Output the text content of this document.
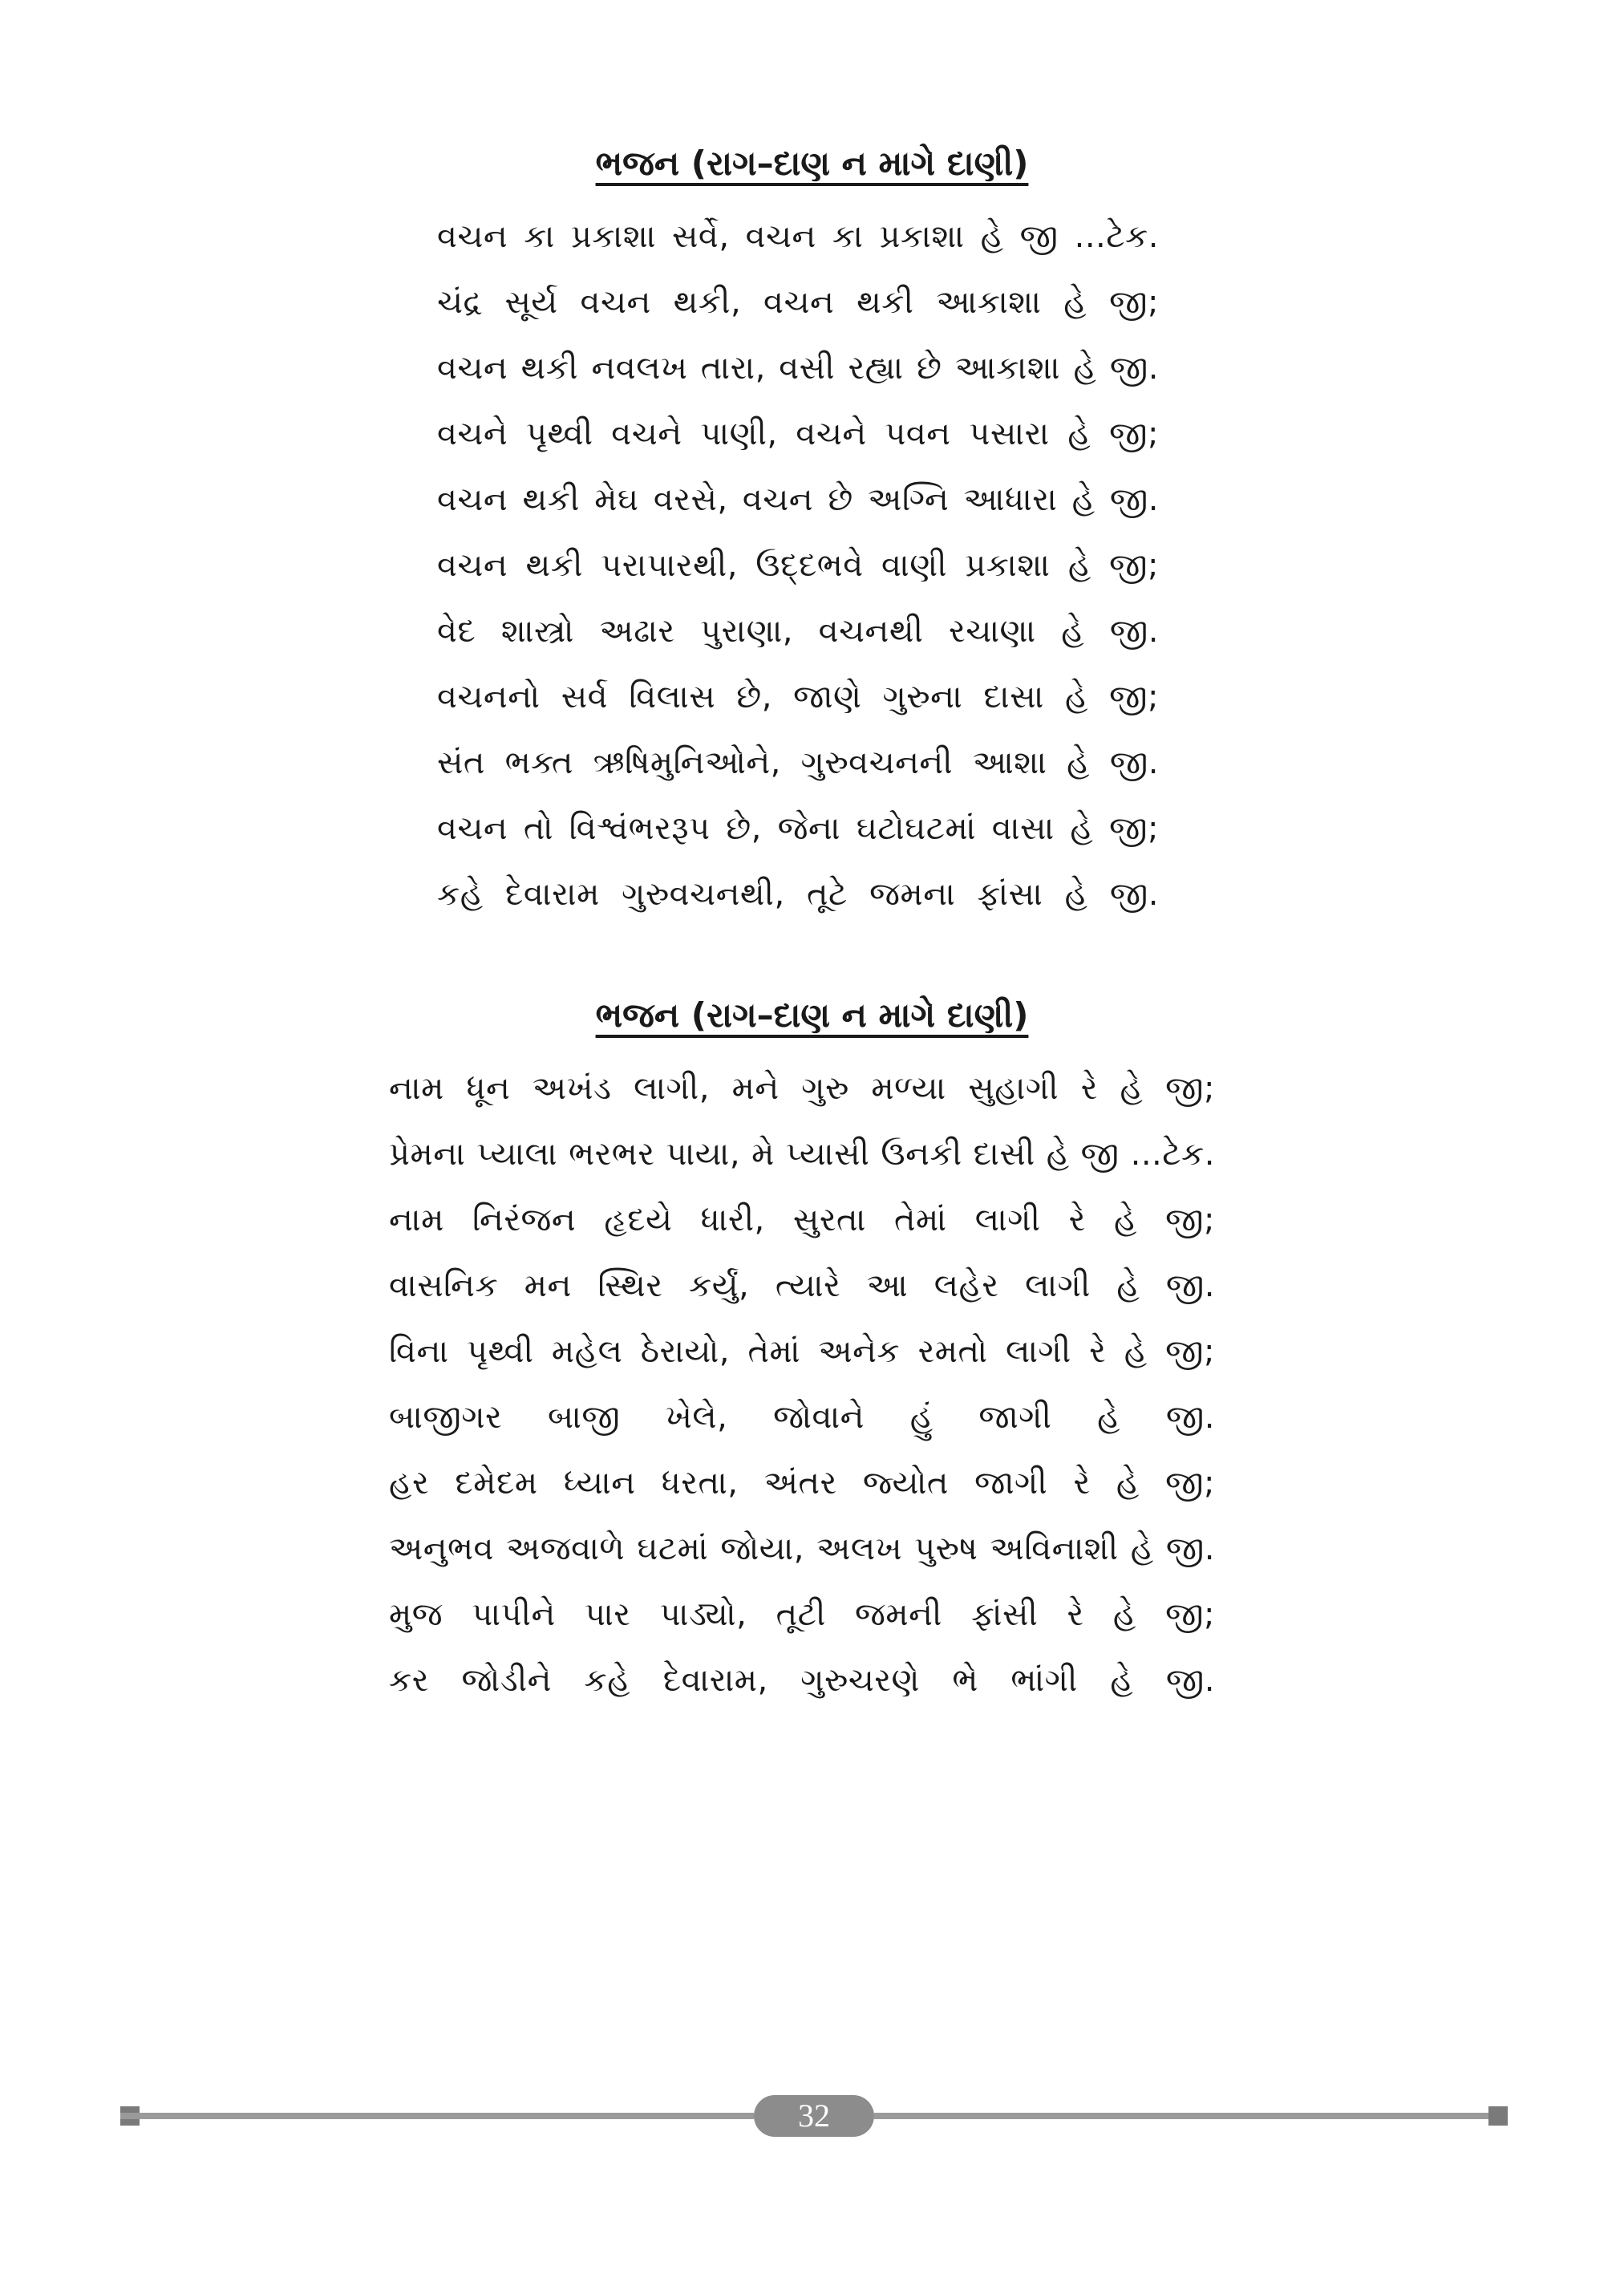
ભજન (રાગ–દાણ ન માગે દાણી)
વચન કા પ્રકાશા સર્વે, વચન કા પ્રકાશા હે જી ...ટેક.
ચંદ્ર સૂર્ય વચન થકી, વચન થકી આકાશા હે જી;
વચન થકી નવલખ તારા, વસી રહ્યા છે આકાશા હે જી.
વચને પૃથ્વી વચને પાણી, વચને પવન પસારા હે જી;
વચન થકી મેઘ વરસે, વચન છે અગ્નિ આધારા હે જી.
વચન થકી પરાપારથી, ઉદ્દભવે વાણી પ્રકાશા હે જી;
વેદ શાસ્ત્રો અઢાર પુરાણા, વચનથી રચાણા હે જી.
વચનનો સર્વ વિલાસ છે, જાણે ગુરુના દાસા હે જી;
સંત ભક્ત ઋષિમુનિઓને, ગુરુવચનની આશા હે જી.
વચન તો વિશ્વંભરરૂપ છે, જેના ઘટોઘટમાં વાસા હે જી;
કહે દેવારામ ગુરુવચનથી, તૂટે જમના ફાંસા હે જી.
ભજન (રાગ–દાણ ન માગે દાણી)
નામ ધૂન અખંડ લાગી, મને ગુરુ મળ્યા સુહાગી રે હે જી;
પ્રેમના પ્યાલા ભરભર પાયા, મે પ્યાસી ઉનકી દાસી હે જી ...ટેક.
નામ નિરંજન હૃદયે ધારી, સુરતા તેમાં લાગી રે હે જી;
વાસનિક મન સ્થિર કર્યું, ત્યારે આ લહેર લાગી હે જી.
વિના પૃથ્વી મહેલ ઠેરાયો, તેમાં અનેક રમતો લાગી રે હે જી;
બાજીગર બાજી ખેલે, જોવાને હું જાગી હે જી.
હર દમેદમ ધ્યાન ધરતા, અંતર જ્યોત જાગી રે હે જી;
અનુભવ અજવાળે ઘટમાં જોયા, અલખ પુરુષ અવિનાશી હે જી.
મુજ પાપીને પાર પાડ્યો, તૂટી જમની ફાંસી રે હે જી;
કર જોડીને કહે દેવારામ, ગુરુચરણે ભે ભાંગી હે જી.
32
